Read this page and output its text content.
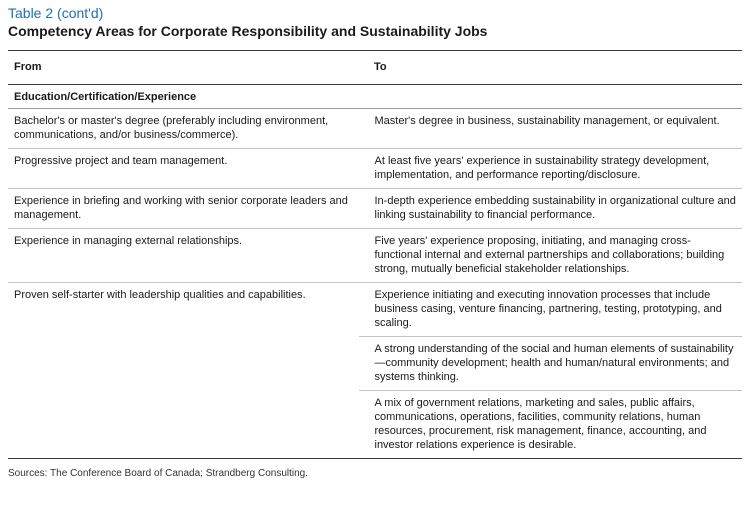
Table 2 (cont'd)

Competency Areas for Corporate Responsibility and Sustainability Jobs

From	To
Education/Certification/Experience	
Bachelor's or master's degree (preferably including environment, communications, and/or business/commerce).	Master's degree in business, sustainability management, or equivalent.
Progressive project and team management.	At least five years' experience in sustainability strategy development, implementation, and performance reporting/disclosure.
Experience in briefing and working with senior corporate leaders and management.	In-depth experience embedding sustainability in organizational culture and linking sustainability to financial performance.
Experience in managing external relationships.	Five years' experience proposing, initiating, and managing cross-functional internal and external partnerships and collaborations; building strong, mutually beneficial stakeholder relationships.
Proven self-starter with leadership qualities and capabilities.	Experience initiating and executing innovation processes that include business casing, venture financing, partnering, testing, prototyping, and scaling.
	A strong understanding of the social and human elements of sustainability—community development; health and human/natural environments; and systems thinking.
	A mix of government relations, marketing and sales, public affairs, communications, operations, facilities, community relations, human resources, procurement, risk management, finance, accounting, and investor relations experience is desirable.
Sources: The Conference Board of Canada; Strandberg Consulting.
